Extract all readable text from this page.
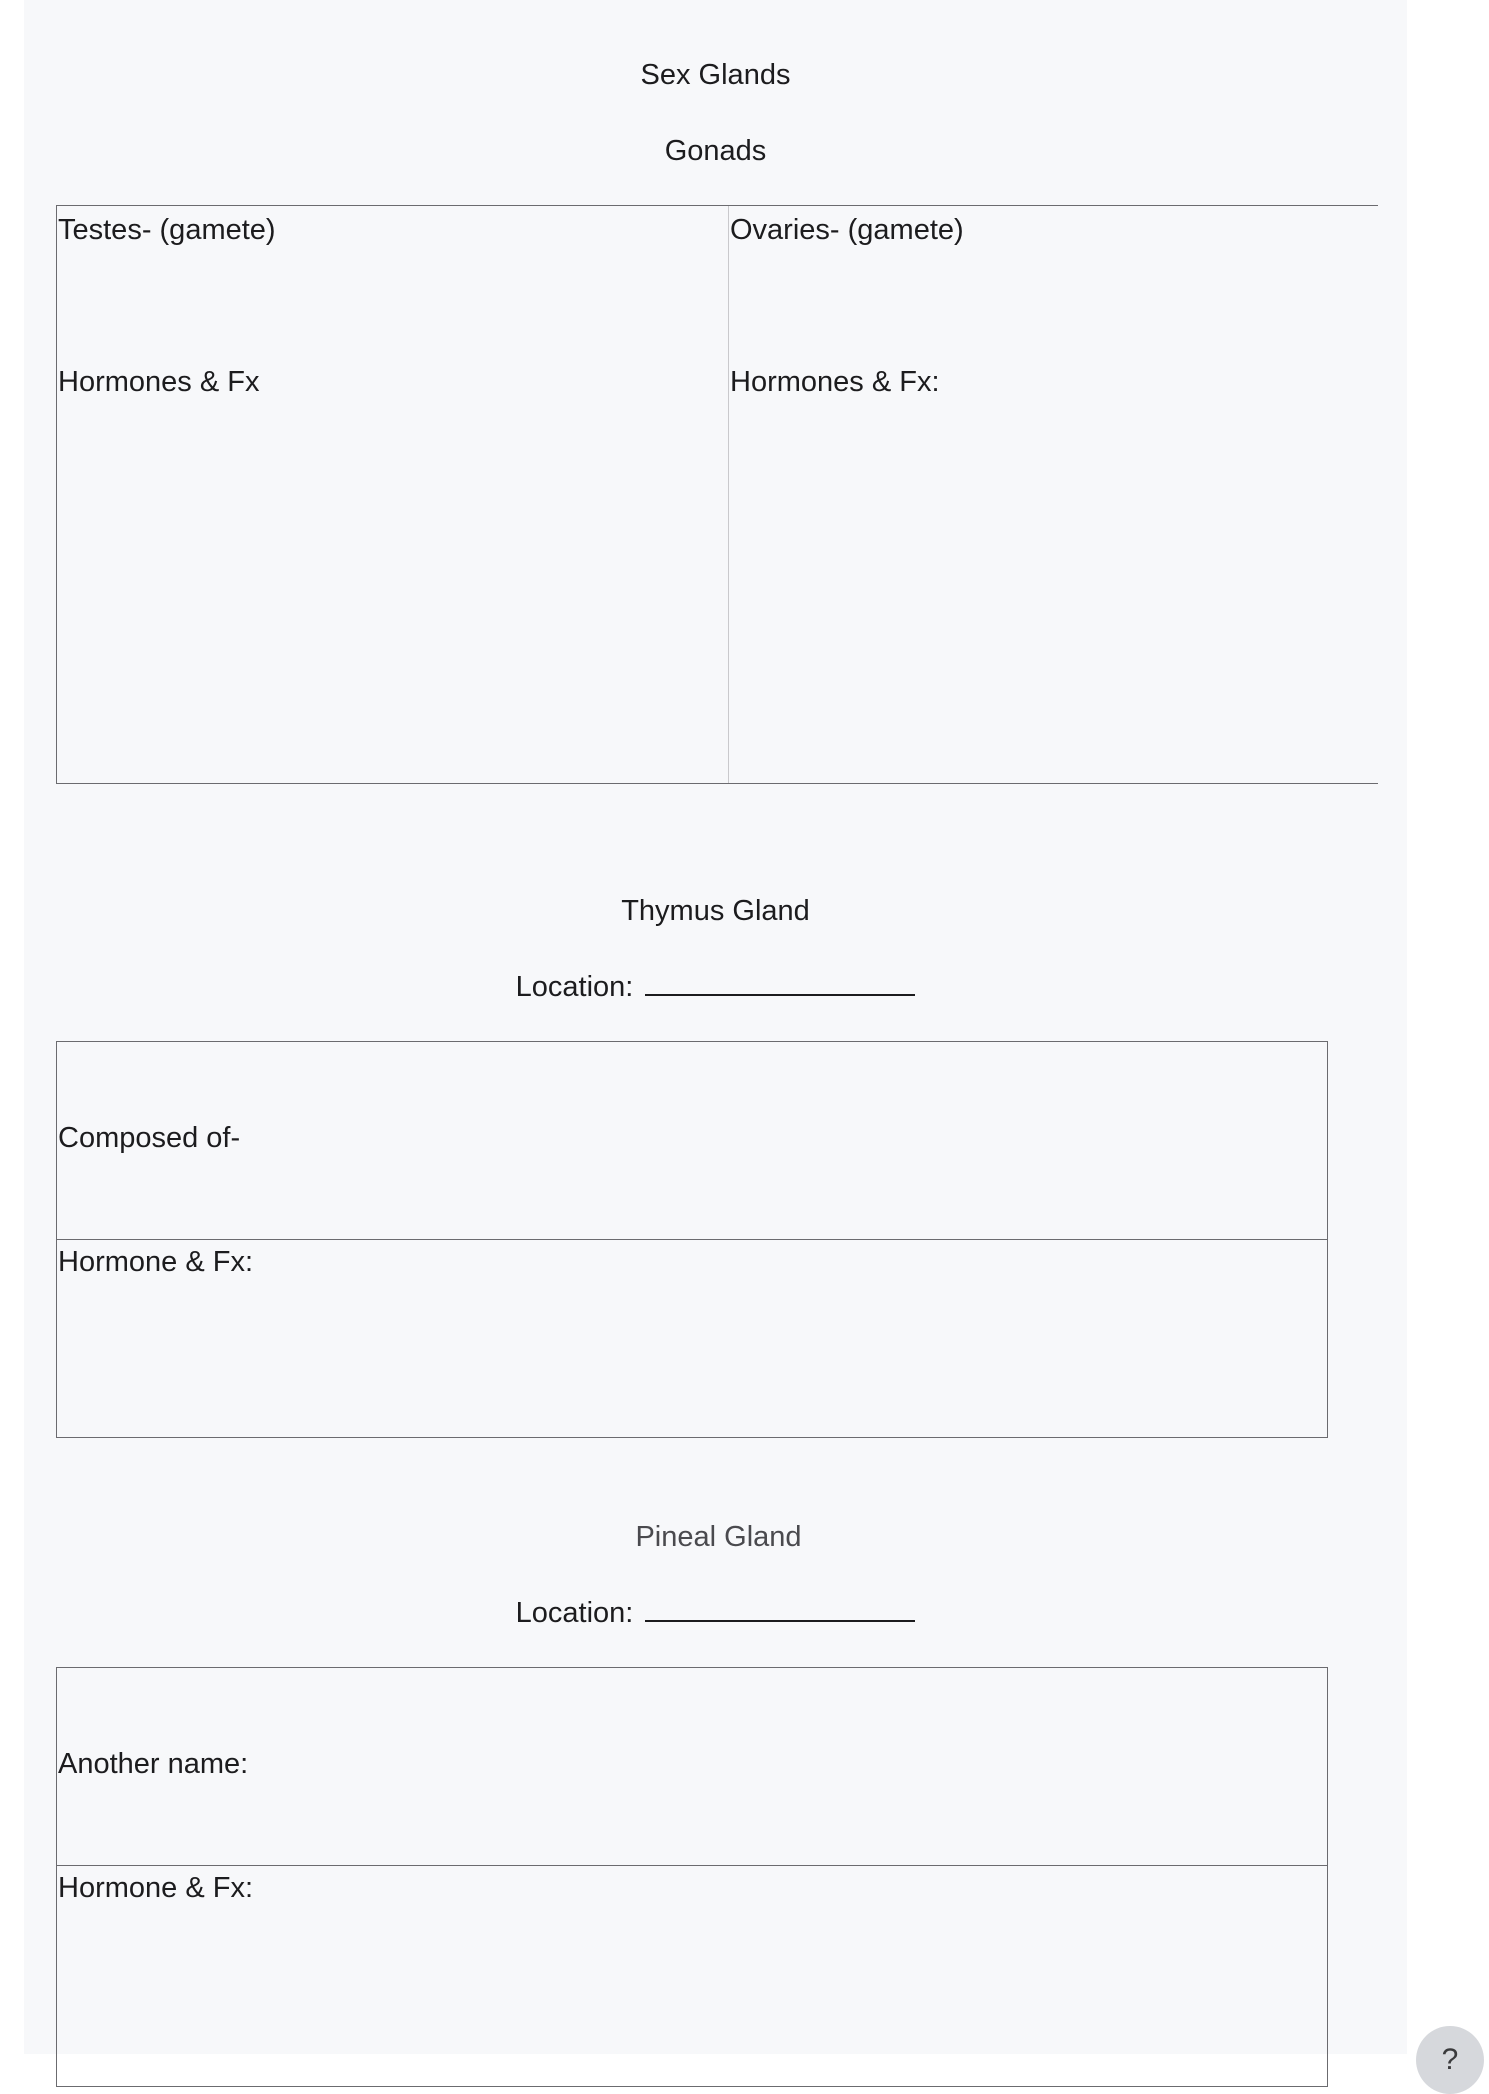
Sex Glands
Gonads
Testes- (gamete)
Hormones & Fx
Ovaries- (gamete)
Hormones & Fx:
Thymus Gland
Location:
Composed of-
Hormone & Fx:
Pineal Gland
Location:
Another name:
Hormone & Fx:
?
